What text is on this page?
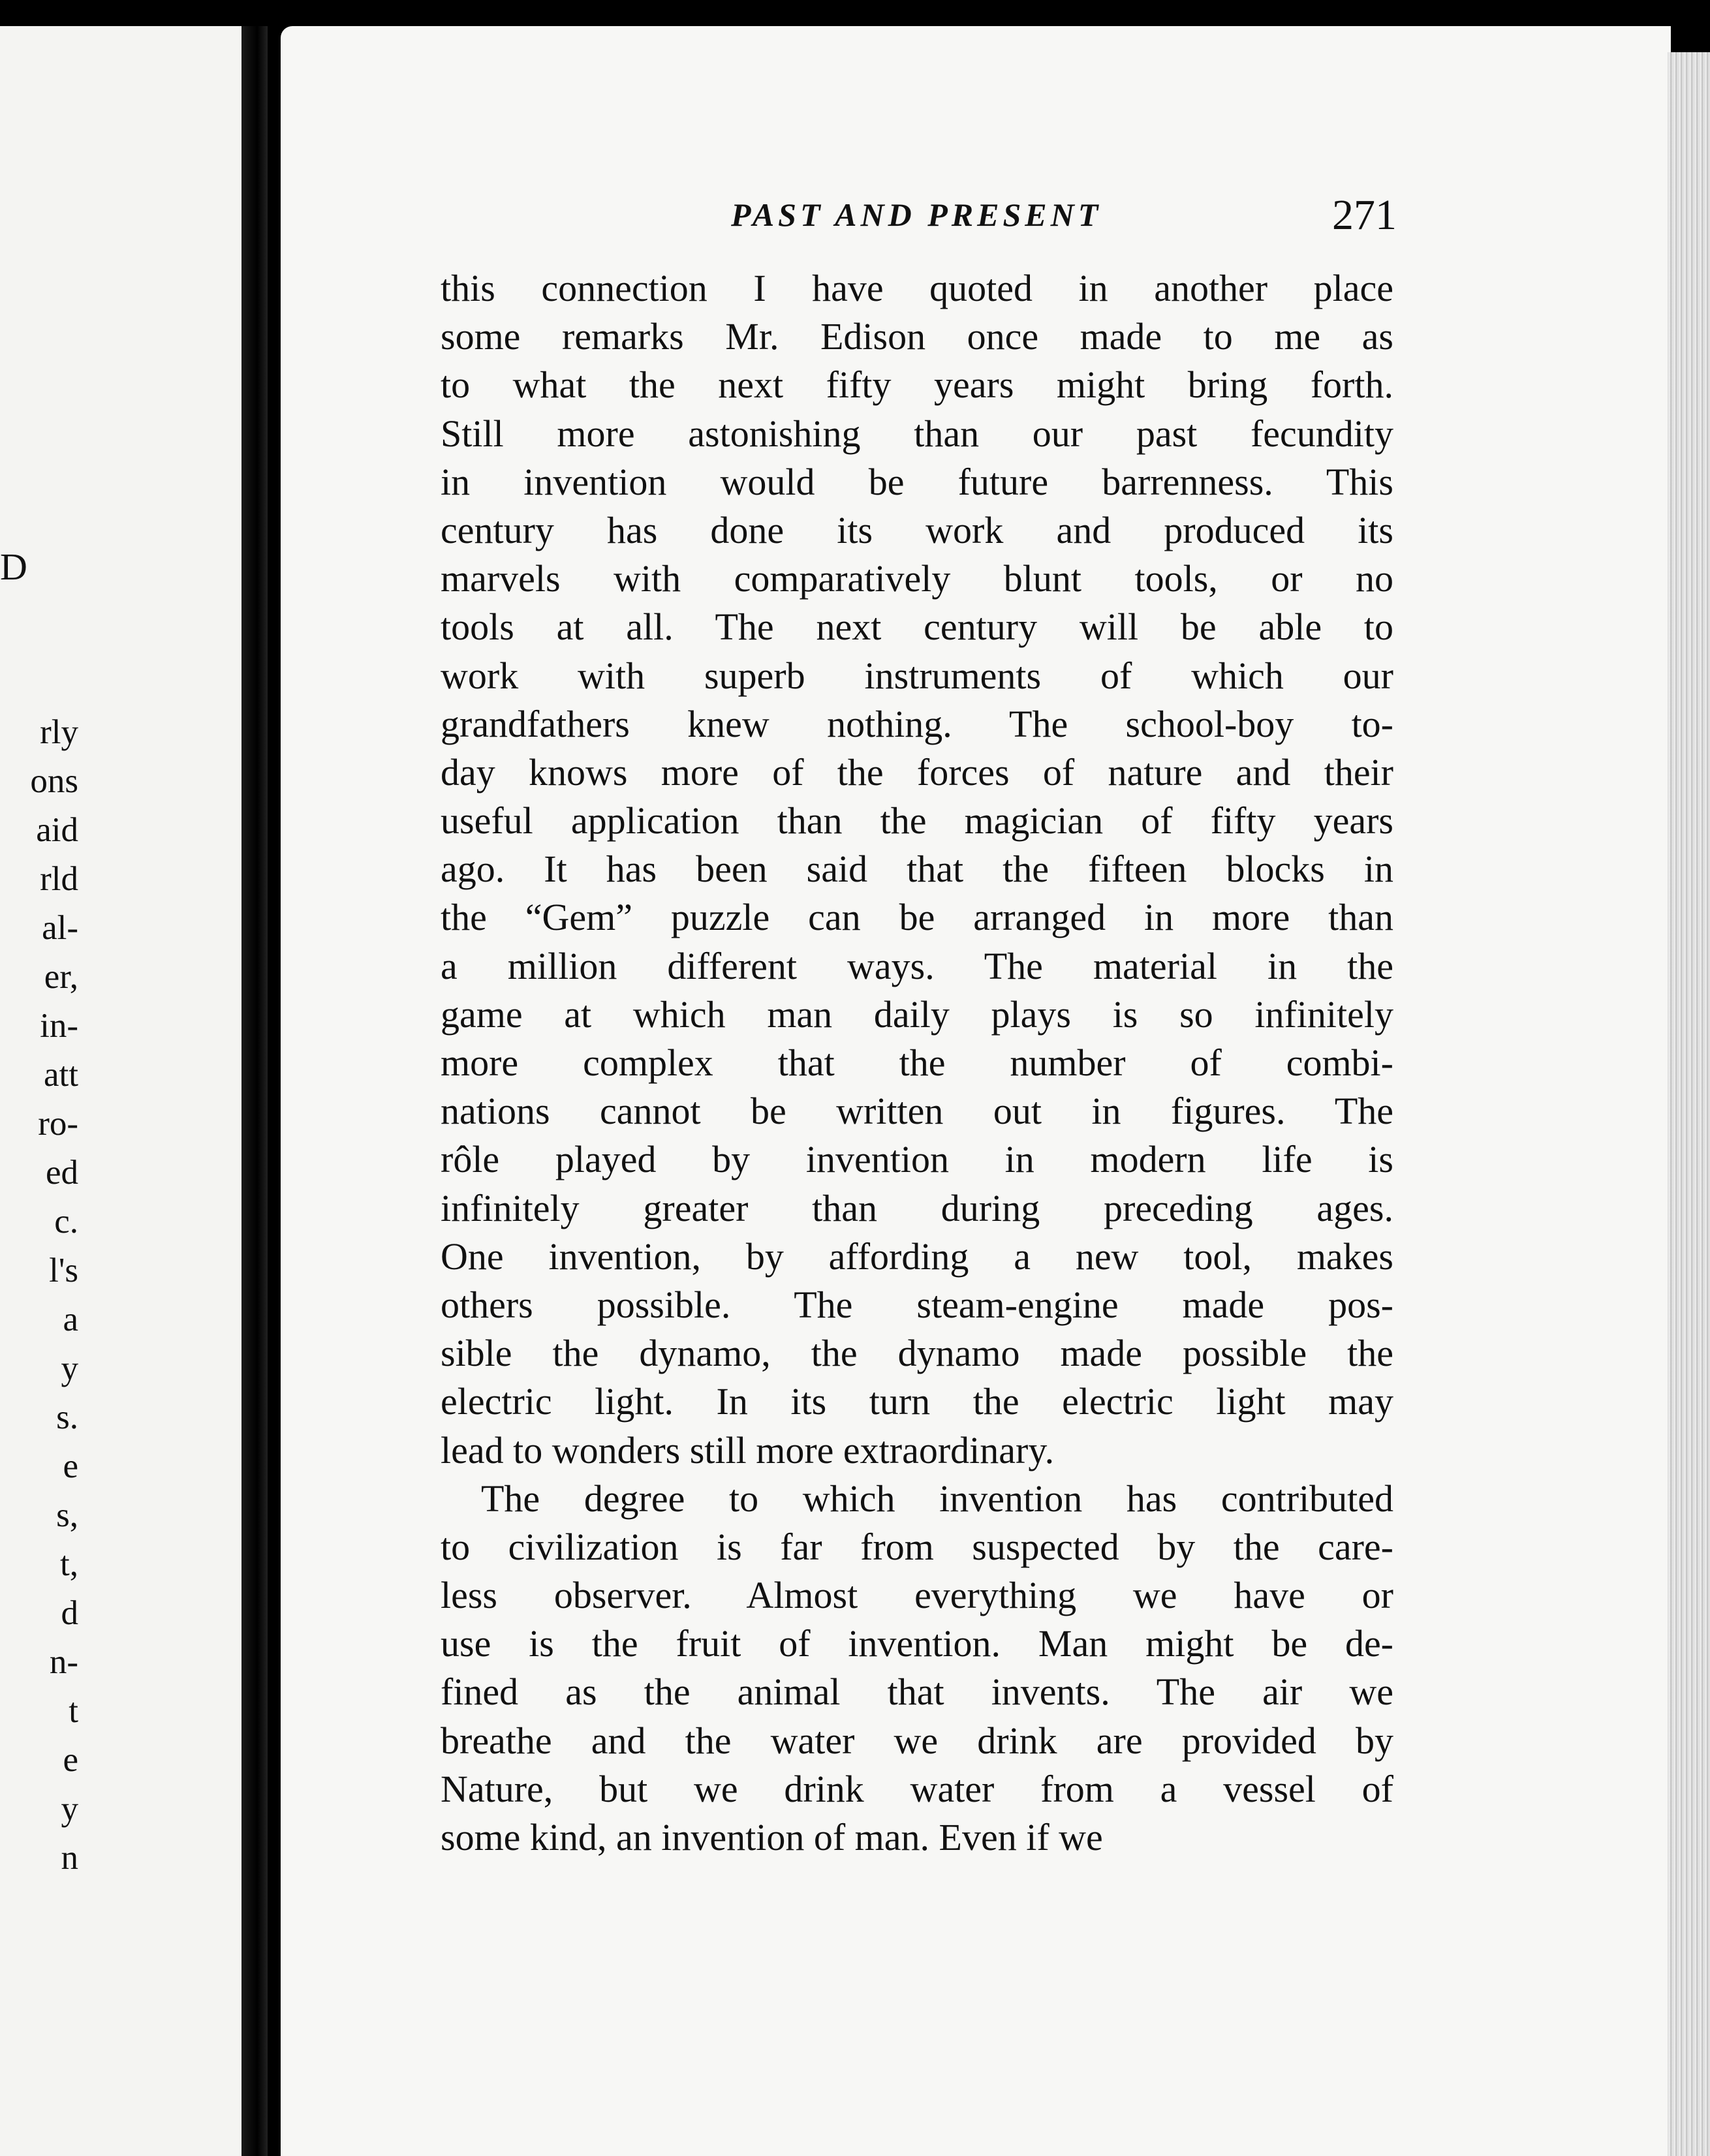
D
rly
ons
aid
rld
al-
er,
in-
att
ro-
ed
c.
l's
a
y
s.
e
s,
t,
d
n-
t
e
y
n
PAST AND PRESENT	271
this connection I have quoted in another place
some remarks Mr. Edison once made to me as
to what the next fifty years might bring forth.
Still more astonishing than our past fecundity
in invention would be future barrenness. This
century has done its work and produced its
marvels with comparatively blunt tools, or no
tools at all. The next century will be able to
work with superb instruments of which our
grandfathers knew nothing. The school-boy to-
day knows more of the forces of nature and their
useful application than the magician of fifty years
ago. It has been said that the fifteen blocks in
the “Gem” puzzle can be arranged in more than
a million different ways. The material in the
game at which man daily plays is so infinitely
more complex that the number of combi-
nations cannot be written out in figures. The
rôle played by invention in modern life is
infinitely greater than during preceding ages.
One invention, by affording a new tool, makes
others possible. The steam-engine made pos-
sible the dynamo, the dynamo made possible the
electric light. In its turn the electric light may
lead to wonders still more extraordinary.
The degree to which invention has contributed
to civilization is far from suspected by the care-
less observer. Almost everything we have or
use is the fruit of invention. Man might be de-
fined as the animal that invents. The air we
breathe and the water we drink are provided by
Nature, but we drink water from a vessel of
some kind, an invention of man. Even if we
